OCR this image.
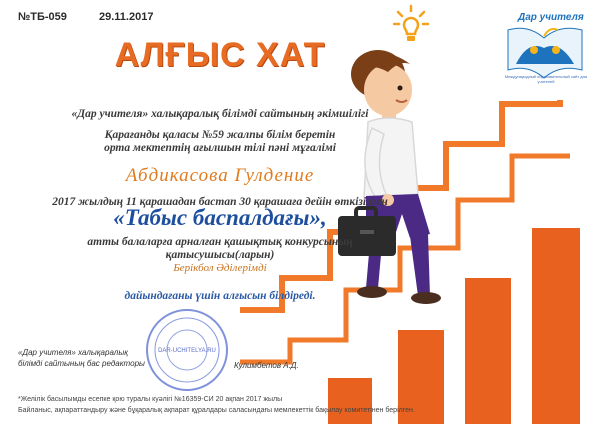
Дар учителя
Международный образовательный сайт для учителей
№ТБ-059	29.11.2017
АЛҒЫС ХАТ
«Дар учителя» халықаралық білімді сайтының әкімшілігі
Қарағанды қаласы №59 жалпы білім беретін
орта мектептің ағылшын тілі пәні мұғалімі
Абдикасова Гулдение
2017 жылдың 11 қарашадан бастап 30 қарашаға дейін өткізілген
«Табыс баспалдағы»,
атты балаларға арналған қашықтық конкурсының
қатысушысы(ларын)
Берікбол Әділерімді
дайындағаны үшін алғысын білдіреді.
DAR-UCHITELYA.RU
«Дар учителя» халықаралық
білімді сайтының бас редакторы	Кулимбетов А.Д.
*Желілік басылымды есепке қою туралы куәлігі №16359-СИ 20 ақпан 2017 жылы
Байланыс, ақпараттандыру және бұқаралық ақпарат құралдары саласындағы мемлекеттік бақылау комитетінен берілген.
